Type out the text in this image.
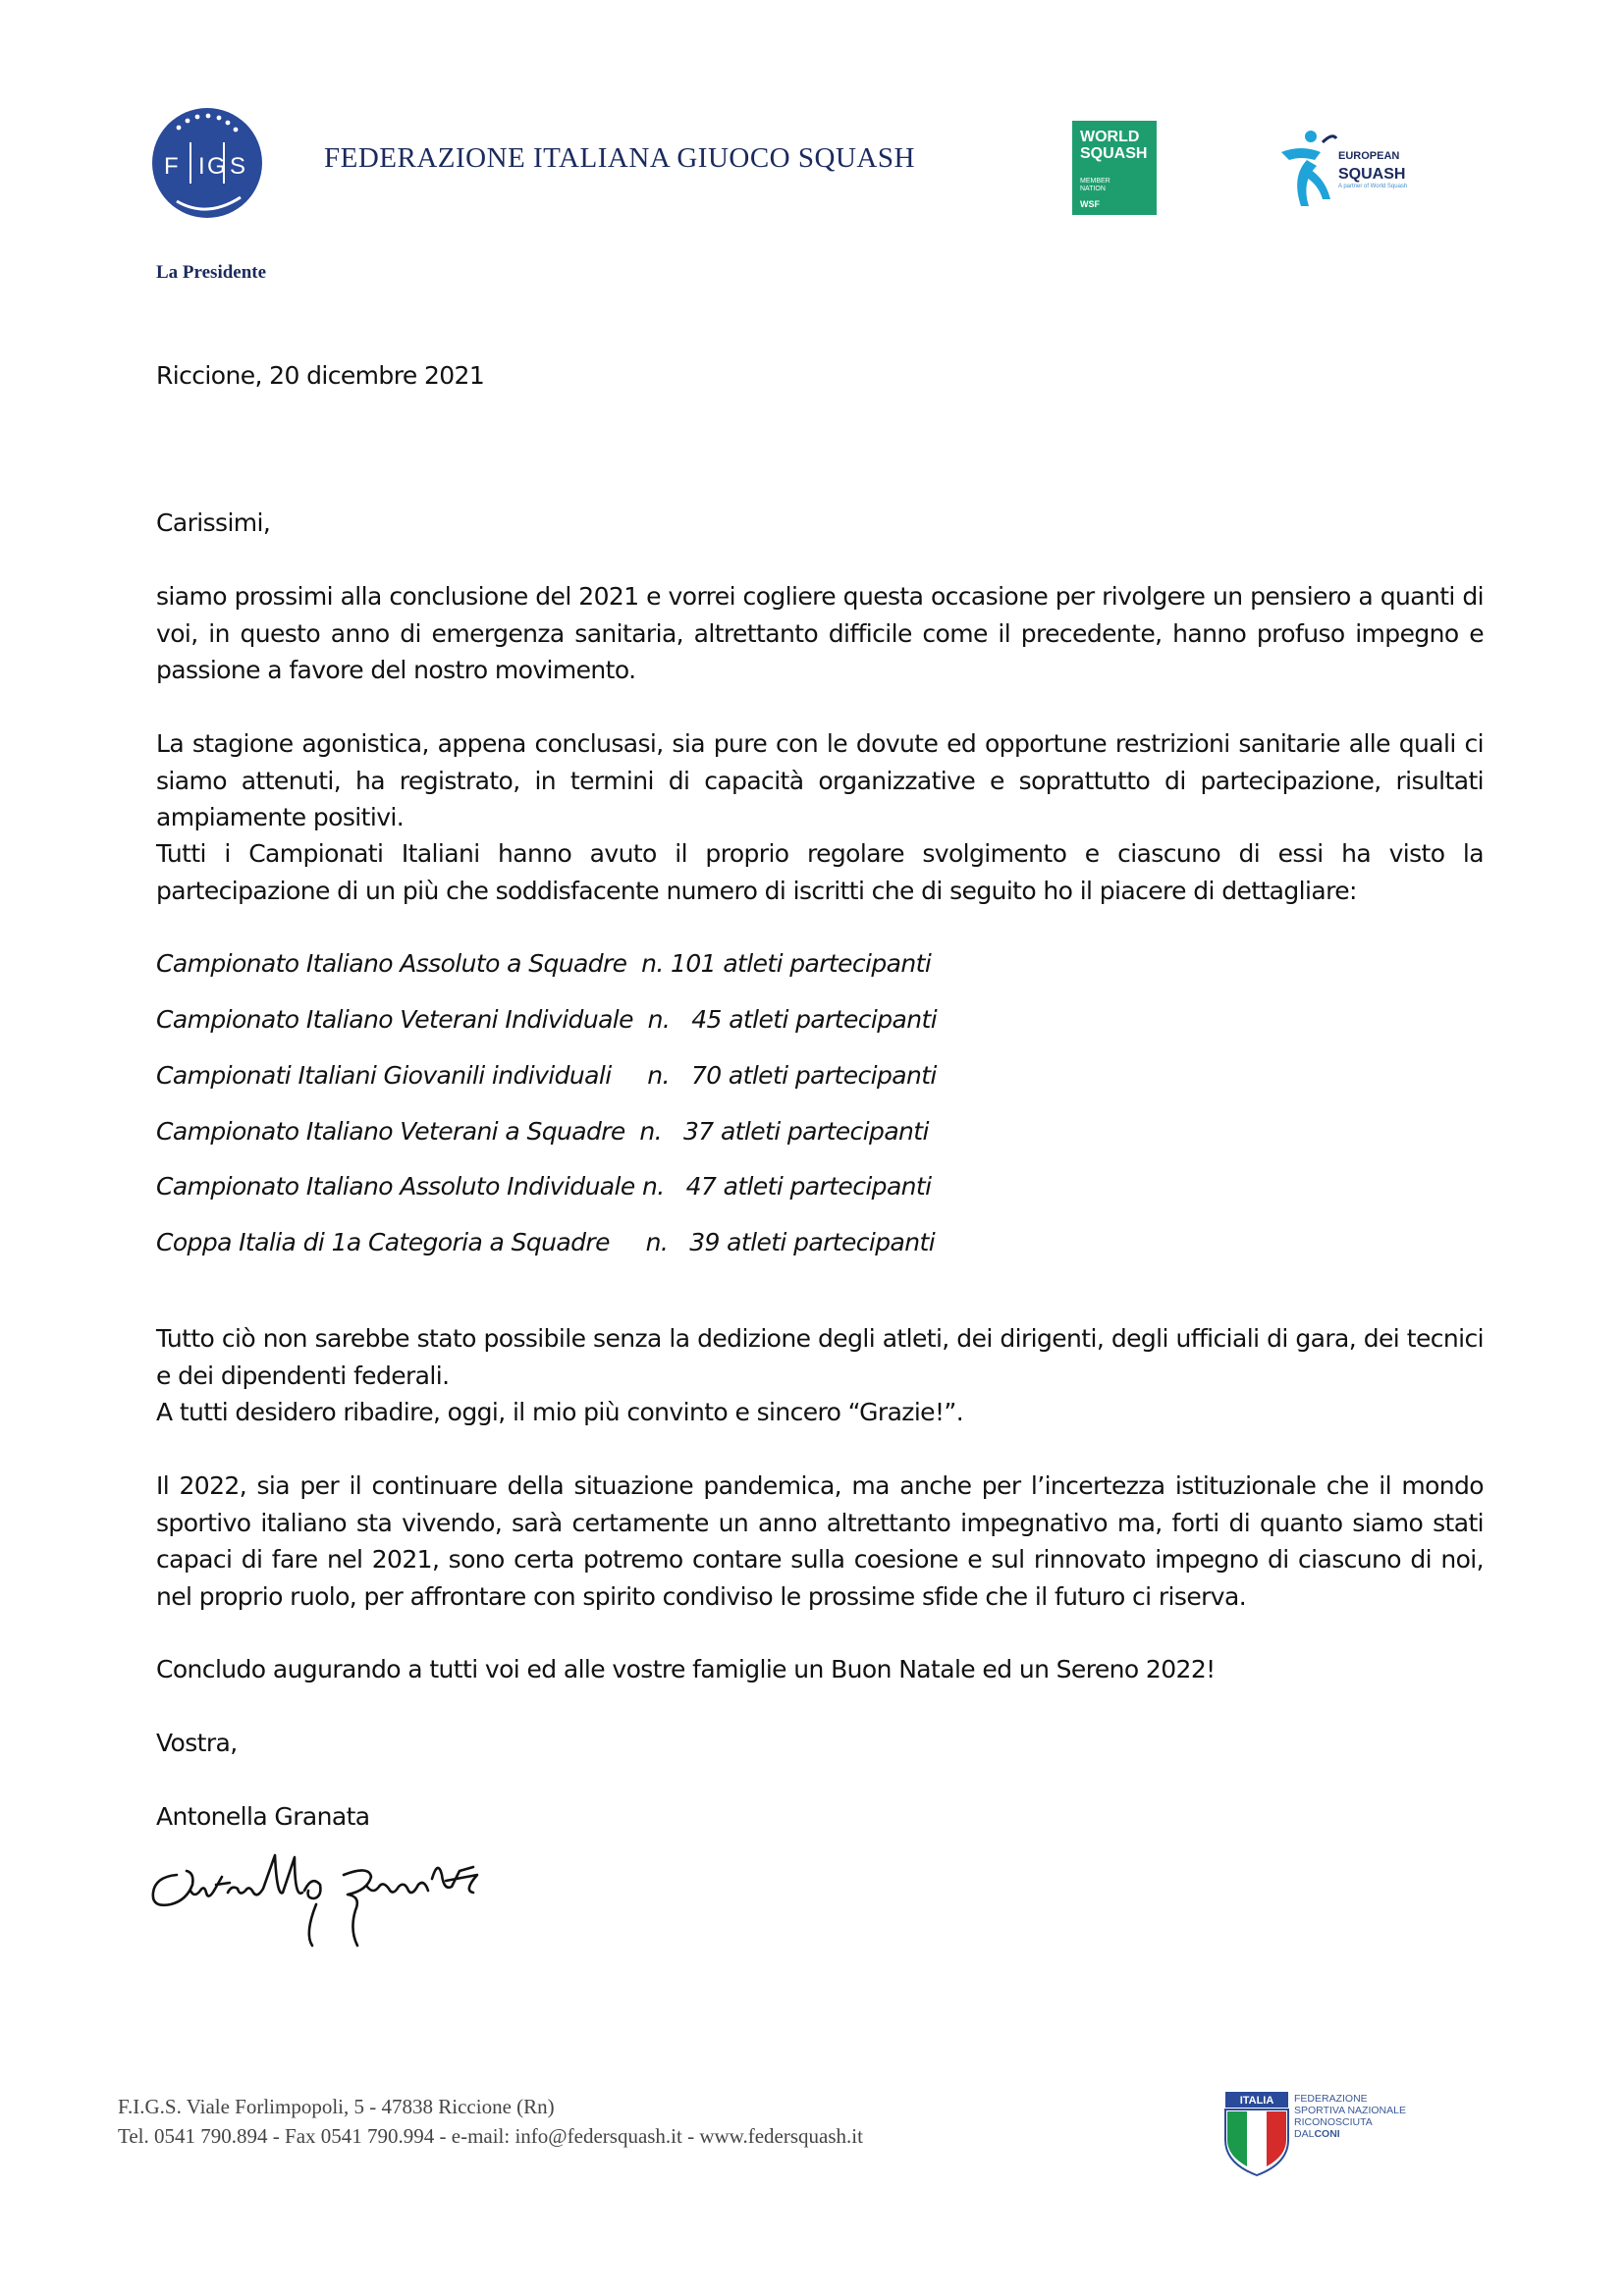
F I G S	FEDERAZIONE ITALIANA GIUOCO SQUASH
WORLD
SQUASH
MEMBER
NATION
WSF
EUROPEAN
SQUASH
A partner of World Squash
La Presidente

Riccione, 20 dicembre 2021

Carissimi,

siamo prossimi alla conclusione del 2021 e vorrei cogliere questa occasione per rivolgere un pensiero a quanti di voi, in questo anno di emergenza sanitaria, altrettanto difficile come il precedente, hanno profuso impegno e passione a favore del nostro movimento.

La stagione agonistica, appena conclusasi, sia pure con le dovute ed opportune restrizioni sanitarie alle quali ci siamo attenuti, ha registrato, in termini di capacità organizzative e soprattutto di partecipazione, risultati ampiamente positivi.

Tutti i Campionati Italiani hanno avuto il proprio regolare svolgimento e ciascuno di essi ha visto la partecipazione di un più che soddisfacente numero di iscritti che di seguito ho il piacere di dettagliare:

Campionato Italiano Assoluto a Squadre  n. 101 atleti partecipanti
Campionato Italiano Veterani Individuale  n.   45 atleti partecipanti
Campionati Italiani Giovanili individuali     n.   70 atleti partecipanti
Campionato Italiano Veterani a Squadre  n.   37 atleti partecipanti
Campionato Italiano Assoluto Individuale n.   47 atleti partecipanti
Coppa Italia di 1a Categoria a Squadre     n.   39 atleti partecipanti

Tutto ciò non sarebbe stato possibile senza la dedizione degli atleti, dei dirigenti, degli ufficiali di gara, dei tecnici e dei dipendenti federali.

A tutti desidero ribadire, oggi, il mio più convinto e sincero “Grazie!”.

Il 2022, sia per il continuare della situazione pandemica, ma anche per l’incertezza istituzionale che il mondo sportivo italiano sta vivendo, sarà certamente un anno altrettanto impegnativo ma, forti di quanto siamo stati capaci di fare nel 2021, sono certa potremo contare sulla coesione e sul rinnovato impegno di ciascuno di noi, nel proprio ruolo, per affrontare con spirito condiviso le prossime sfide che il futuro ci riserva.

Concludo augurando a tutti voi ed alle vostre famiglie un Buon Natale ed un Sereno 2022!

Vostra,

Antonella Granata

F.I.G.S. Viale Forlimpopoli, 5 - 47838 Riccione (Rn)
Tel. 0541 790.894 - Fax 0541 790.994 - e-mail: info@federsquash.it - www.federsquash.it
ITALIA FEDERAZIONE
SPORTIVA NAZIONALE
RICONOSCIUTA
DALCONI
